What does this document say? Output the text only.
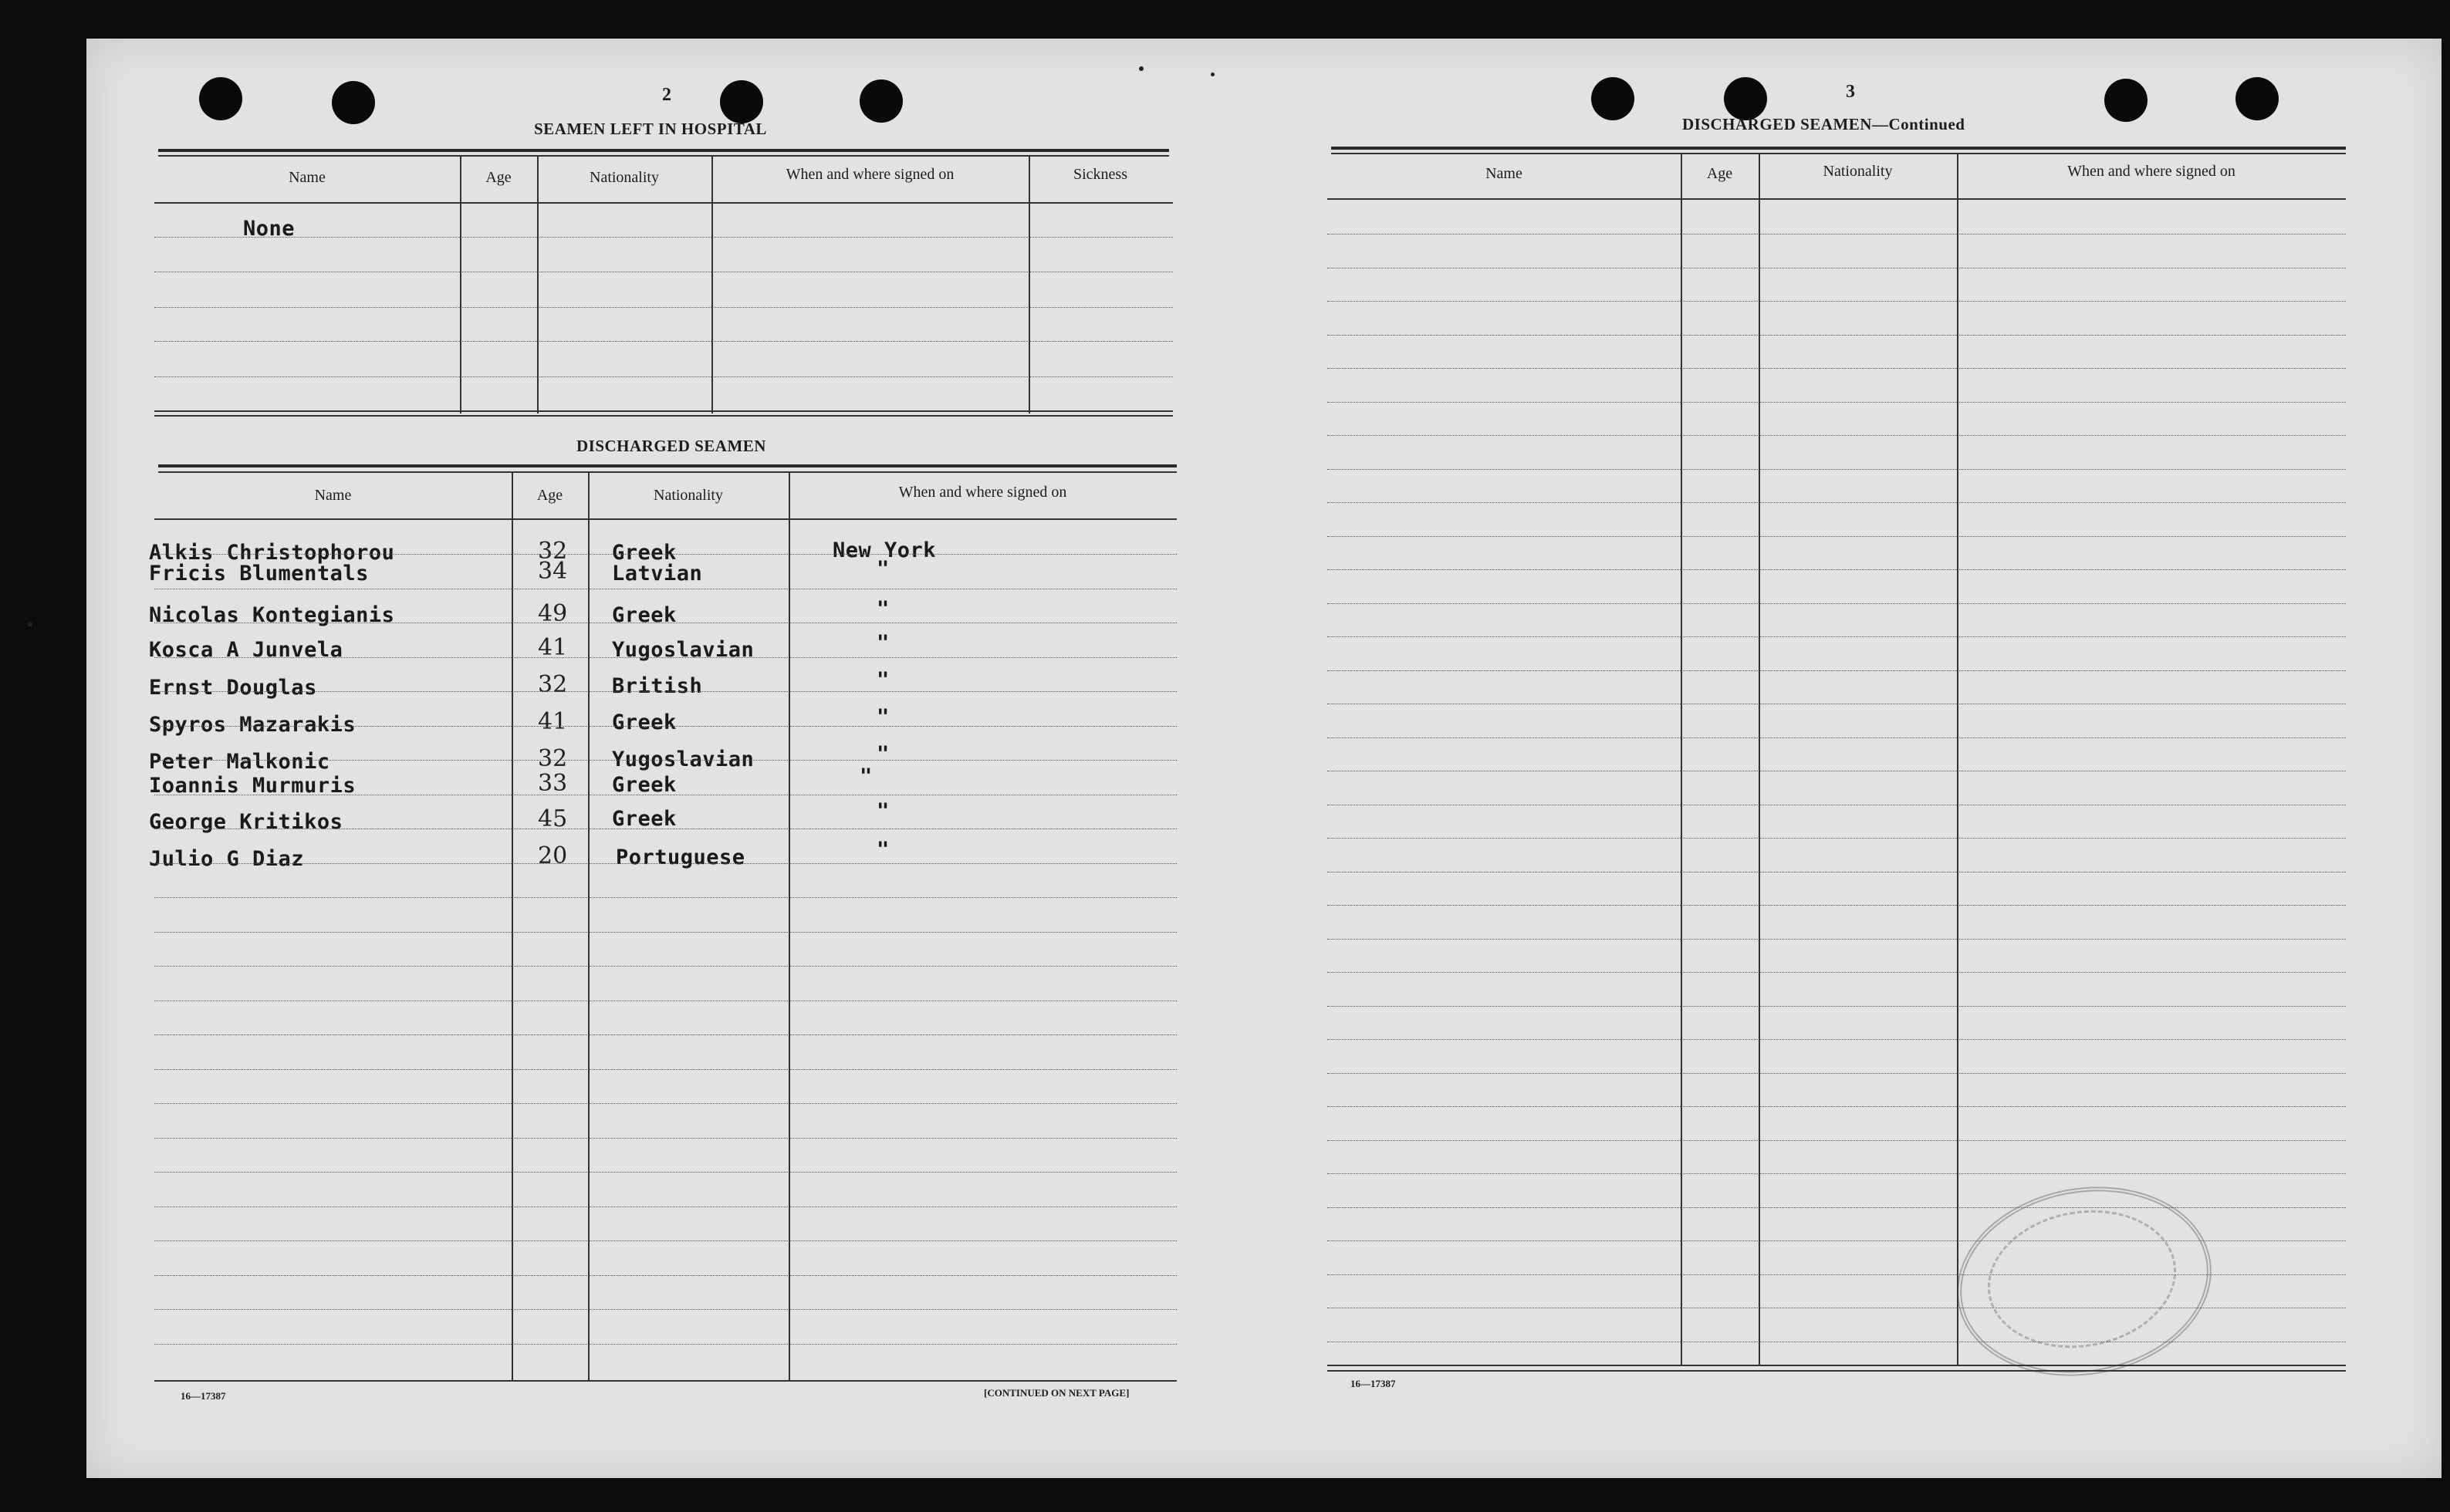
2
SEAMEN LEFT IN HOSPITAL
Name	Age	Nationality	When and where signed on	Sickness
None
DISCHARGED SEAMEN
Name	Age	Nationality	When and where signed on
Alkis Christophorou	32 Greek	New York
Fricis Blumentals	34 Latvian	"
Nicolas Kontegianis	49 Greek	"
Kosca A Junvela	41 Yugoslavian	"
Ernst Douglas	32 British	"
Spyros Mazarakis	41 Greek	"
Peter Malkonic	32 Yugoslavian	"
Ioannis Murmuris	33 Greek	"
George Kritikos	45 Greek	"
Julio G Diaz	20 Portuguese	"
16—17387	[CONTINUED ON NEXT PAGE]
3
DISCHARGED SEAMEN—Continued
Name	Age	Nationality	When and where signed on
16—17387
